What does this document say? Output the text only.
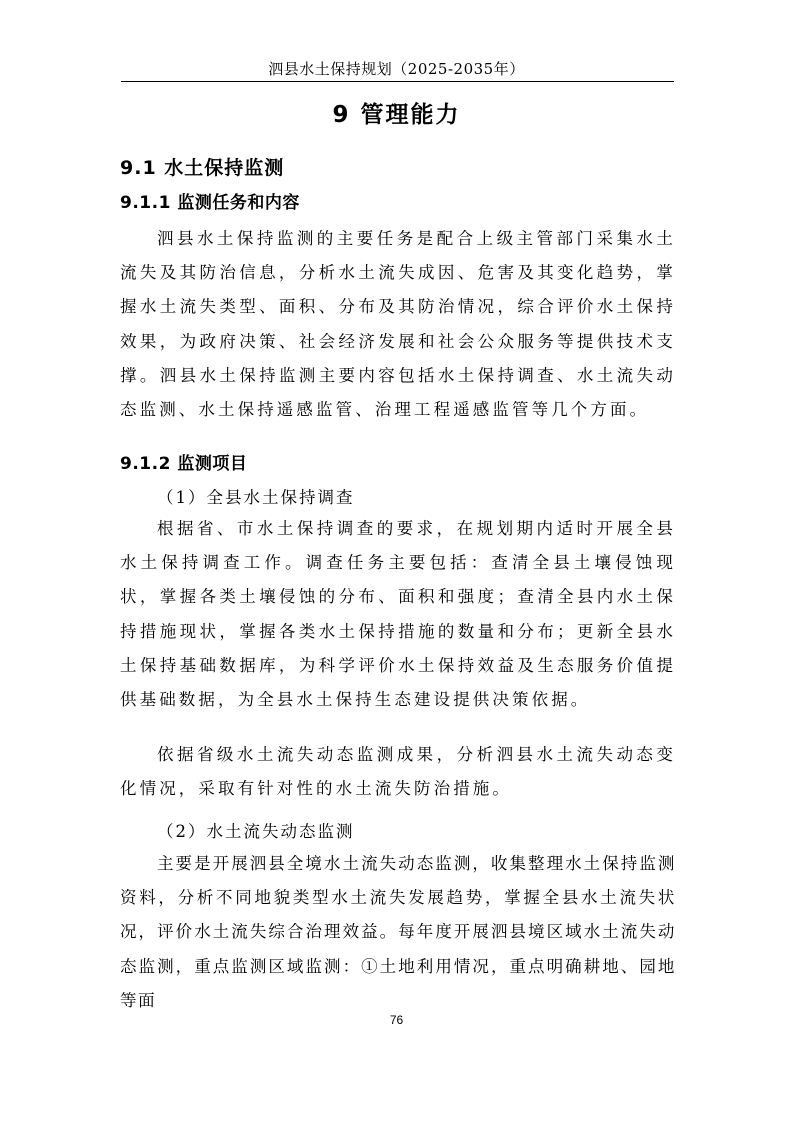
泗县水土保持规划（2025-2035年）
9 管理能力
9.1 水土保持监测
9.1.1 监测任务和内容

泗县水土保持监测的主要任务是配合上级主管部门采集水土流失及其防治信息，分析水土流失成因、危害及其变化趋势，掌握水土流失类型、面积、分布及其防治情况，综合评价水土保持效果，为政府决策、社会经济发展和社会公众服务等提供技术支撑。泗县水土保持监测主要内容包括水土保持调查、水土流失动态监测、水土保持遥感监管、治理工程遥感监管等几个方面。

9.1.2 监测项目
（1）全县水土保持调查

根据省、市水土保持调查的要求，在规划期内适时开展全县水土保持调查工作。调查任务主要包括：查清全县土壤侵蚀现状，掌握各类土壤侵蚀的分布、面积和强度；查清全县内水土保持措施现状，掌握各类水土保持措施的数量和分布；更新全县水土保持基础数据库，为科学评价水土保持效益及生态服务价值提供基础数据，为全县水土保持生态建设提供决策依据。

依据省级水土流失动态监测成果，分析泗县水土流失动态变化情况，采取有针对性的水土流失防治措施。

（2）水土流失动态监测

主要是开展泗县全境水土流失动态监测，收集整理水土保持监测资料，分析不同地貌类型水土流失发展趋势，掌握全县水土流失状况，评价水土流失综合治理效益。每年度开展泗县境区域水土流失动态监测，重点监测区域监测：①土地利用情况，重点明确耕地、园地等面

76
